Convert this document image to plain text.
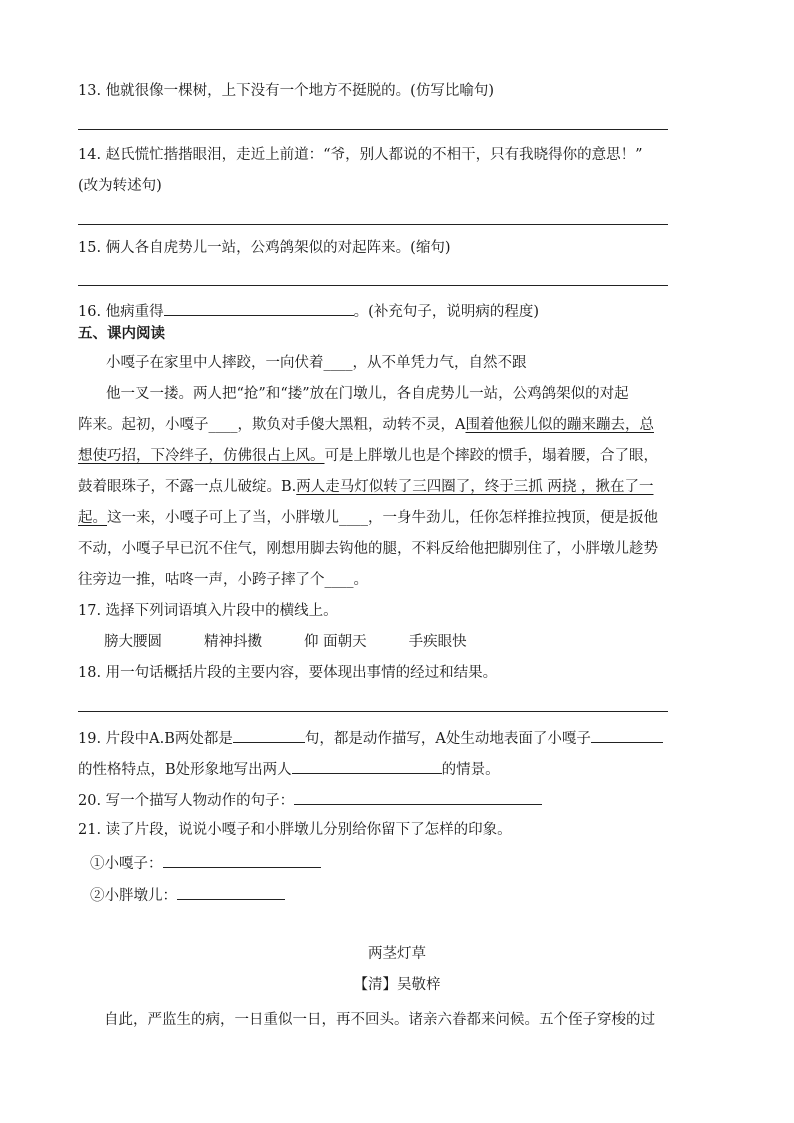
13. 他就很像一棵树，上下没有一个地方不挺脱的。(仿写比喻句)
14. 赵氏慌忙揩揩眼泪，走近上前道：“爷，别人都说的不相干，只有我晓得你的意思！”
(改为转述句)
15. 俩人各自虎势儿一站，公鸡鸽架似的对起阵来。(缩句)
16. 他病重得	。(补充句子，说明病的程度)
五、课内阅读
小嘎子在家里中人摔跤，一向伏着____，从不单凭力气，自然不跟
他一叉一搂。两人把“抢”和“搂”放在门墩儿，各自虎势儿一站，公鸡鸽架似的对起
阵来。起初，小嘎子____，欺负对手傻大黑粗，动转不灵，A围着他猴儿似的蹦来蹦去，总
想使巧招，下冷绊子，仿佛很占上风。可是上胖墩儿也是个摔跤的惯手，塌着腰，合了眼，
鼓着眼珠子，不露一点儿破绽。B.两人走马灯似转了三四圈了，终于三抓 两挠 ，揪在了一
起。这一来，小嘎子可上了当，小胖墩儿____，一身牛劲儿，任你怎样推拉拽顶，便是扳他
不动，小嘎子早已沉不住气，刚想用脚去钩他的腿，不料反给他把脚别住了，小胖墩儿趁势
往旁边一推，咕咚一声，小跨子摔了个____。
17. 选择下列词语填入片段中的横线上。
膀大腰圆	精神抖擞	仰 面朝天	手疾眼快
18. 用一句话概括片段的主要内容，要体现出事情的经过和结果。
19. 片段中A.B两处都是	句，都是动作描写，A处生动地表面了小嘎子
的性格特点，B处形象地写出两人	的情景。
20. 写一个描写人物动作的句子：
21. 读了片段，说说小嘎子和小胖墩儿分别给你留下了怎样的印象。
①小嘎子：
②小胖墩儿：
两茎灯草
【清】吴敬梓
自此，严监生的病，一日重似一日，再不回头。诸亲六眷都来问候。五个侄子穿梭的过
